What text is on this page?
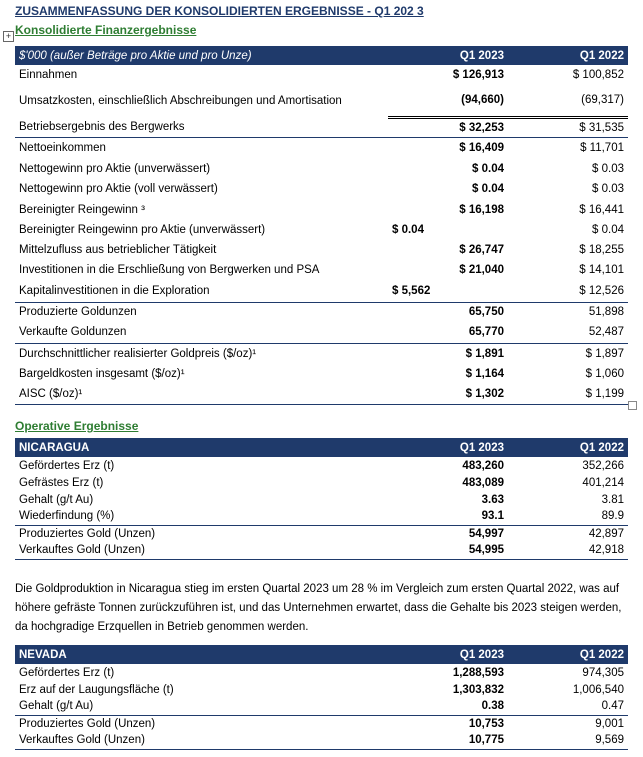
ZUSAMMENFASSUNG DER KONSOLIDIERTEN ERGEBNISSE - Q1 202 3
+ Konsolidierte Finanzergebnisse
$'000 (außer Beträge pro Aktie und pro Unze)	Q1 2023	Q1 2022
Einnahmen	$ 126,913	$ 100,852
Umsatzkosten, einschließlich Abschreibungen und Amortisation	(94,660)	(69,317)
Betriebsergebnis des Bergwerks	$ 32,253	$ 31,535
Nettoeinkommen	$ 16,409	$ 11,701
Nettogewinn pro Aktie (unverwässert)	$ 0.04	$ 0.03
Nettogewinn pro Aktie (voll verwässert)	$ 0.04	$ 0.03
Bereinigter Reingewinn ³	$ 16,198	$ 16,441
Bereinigter Reingewinn pro Aktie (unverwässert)	$ 0.04	$ 0.04
Mittelzufluss aus betrieblicher Tätigkeit	$ 26,747	$ 18,255
Investitionen in die Erschließung von Bergwerken und PSA	$ 21,040	$ 14,101
Kapitalinvestitionen in die Exploration	$ 5,562	$ 12,526
Produzierte Goldunzen	65,750	51,898
Verkaufte Goldunzen	65,770	52,487
Durchschnittlicher realisierter Goldpreis ($/oz)¹	$ 1,891	$ 1,897
Bargeldkosten insgesamt ($/oz)¹	$ 1,164	$ 1,060
AISC ($/oz)¹	$ 1,302	$ 1,199
Operative Ergebnisse
NICARAGUA	Q1 2023	Q1 2022
Gefördertes Erz (t)	483,260	352,266
Gefrästes Erz (t)	483,089	401,214
Gehalt (g/t Au)	3.63	3.81
Wiederfindung (%)	93.1	89.9
Produziertes Gold (Unzen)	54,997	42,897
Verkauftes Gold (Unzen)	54,995	42,918
Die Goldproduktion in Nicaragua stieg im ersten Quartal 2023 um 28 % im Vergleich zum ersten Quartal 2022, was auf höhere gefräste Tonnen zurückzuführen ist, und das Unternehmen erwartet, dass die Gehalte bis 2023 steigen werden, da hochgradige Erzquellen in Betrieb genommen werden.
NEVADA	Q1 2023	Q1 2022
Gefördertes Erz (t)	1,288,593	974,305
Erz auf der Laugungsfläche (t)	1,303,832	1,006,540
Gehalt (g/t Au)	0.38	0.47
Produziertes Gold (Unzen)	10,753	9,001
Verkauftes Gold (Unzen)	10,775	9,569
